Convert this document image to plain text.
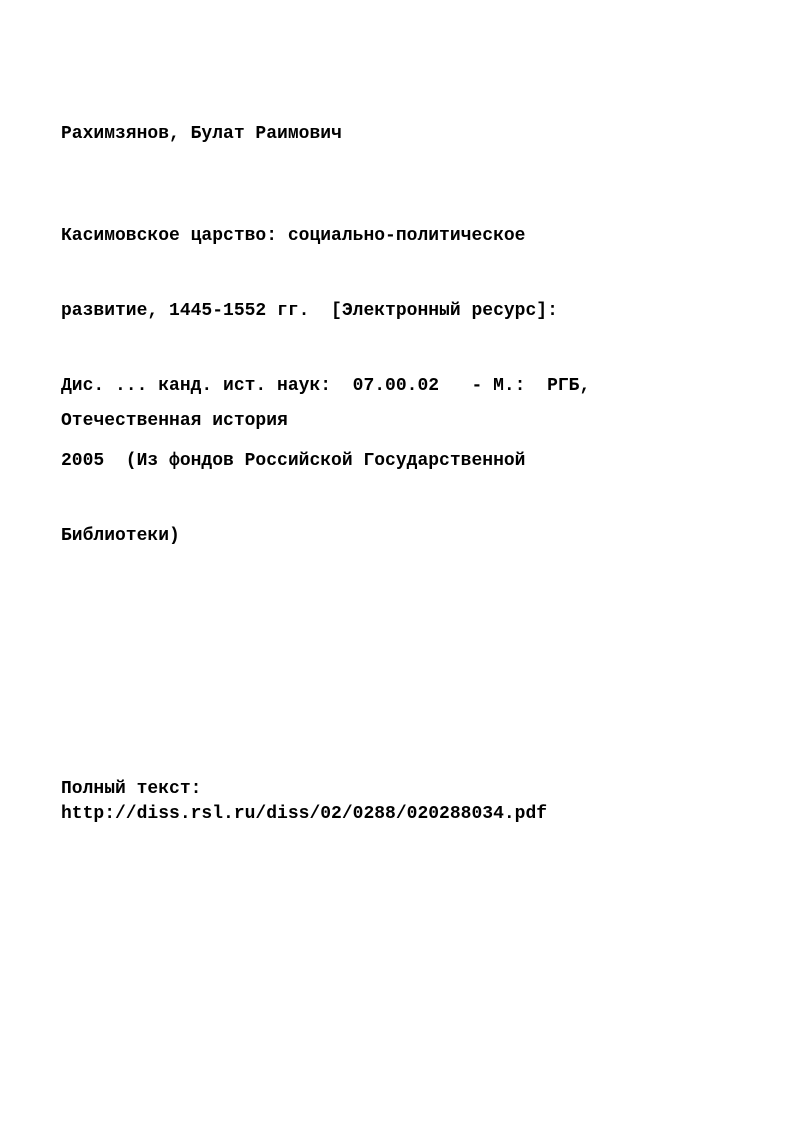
Рахимзянов, Булат Раимович

Касимовское царство: социально-политическое

развитие, 1445-1552 гг.  [Электронный ресурс]:

Дис. ... канд. ист. наук:  07.00.02   - М.:  РГБ,

2005  (Из фондов Российской Государственной

Библиотеки)

Отечественная история

Полный текст:

http://diss.rsl.ru/diss/02/0288/020288034.pdf
